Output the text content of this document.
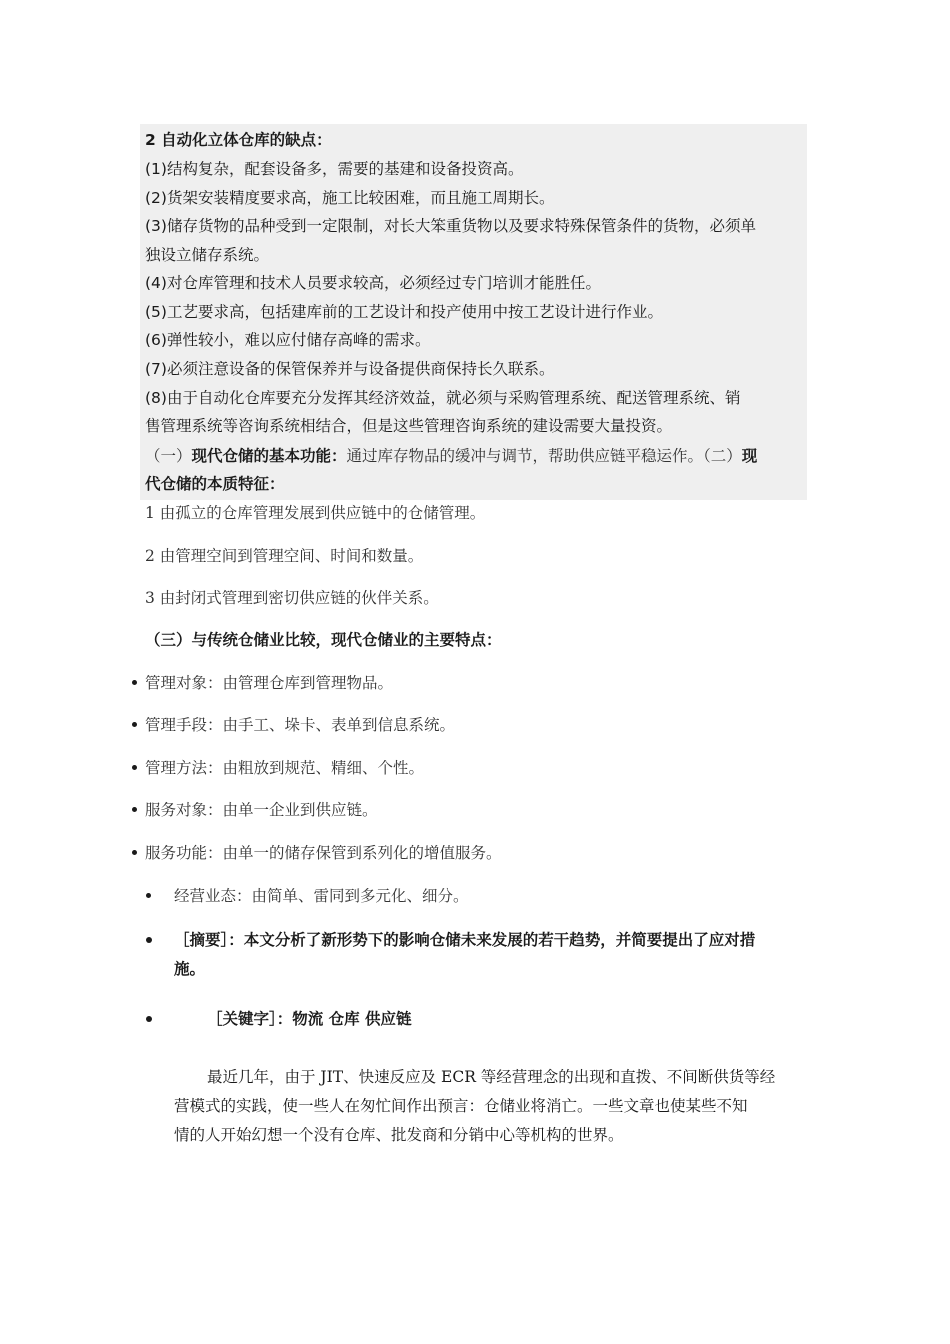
2 自动化立体仓库的缺点：
(1)结构复杂，配套设备多，需要的基建和设备投资高。
(2)货架安装精度要求高，施工比较困难，而且施工周期长。
(3)储存货物的品种受到一定限制，对长大笨重货物以及要求特殊保管条件的货物，必须单
独设立储存系统。
(4)对仓库管理和技术人员要求较高，必须经过专门培训才能胜任。
(5)工艺要求高，包括建库前的工艺设计和投产使用中按工艺设计进行作业。
(6)弹性较小，难以应付储存高峰的需求。
(7)必须注意设备的保管保养并与设备提供商保持长久联系。
(8)由于自动化仓库要充分发挥其经济效益，就必须与采购管理系统、配送管理系统、销
售管理系统等咨询系统相结合，但是这些管理咨询系统的建设需要大量投资。
（一）现代仓储的基本功能：通过库存物品的缓冲与调节，帮助供应链平稳运作。（二）现
代仓储的本质特征：
1 由孤立的仓库管理发展到供应链中的仓储管理。
2 由管理空间到管理空间、时间和数量。
3 由封闭式管理到密切供应链的伙伴关系。
（三）与传统仓储业比较，现代仓储业的主要特点：
管理对象：由管理仓库到管理物品。
管理手段：由手工、垛卡、表单到信息系统。
管理方法：由粗放到规范、精细、个性。
服务对象：由单一企业到供应链。
服务功能：由单一的储存保管到系列化的增值服务。
经营业态：由简单、雷同到多元化、细分。
［摘要］：本文分析了新形势下的影响仓储未来发展的若干趋势，并简要提出了应对措
施。
［关键字］：物流 仓库 供应链
最近几年，由于 JIT、快速反应及 ECR 等经营理念的出现和直拨、不间断供货等经
营模式的实践，使一些人在匆忙间作出预言：仓储业将消亡。一些文章也使某些不知
情的人开始幻想一个没有仓库、批发商和分销中心等机构的世界。
